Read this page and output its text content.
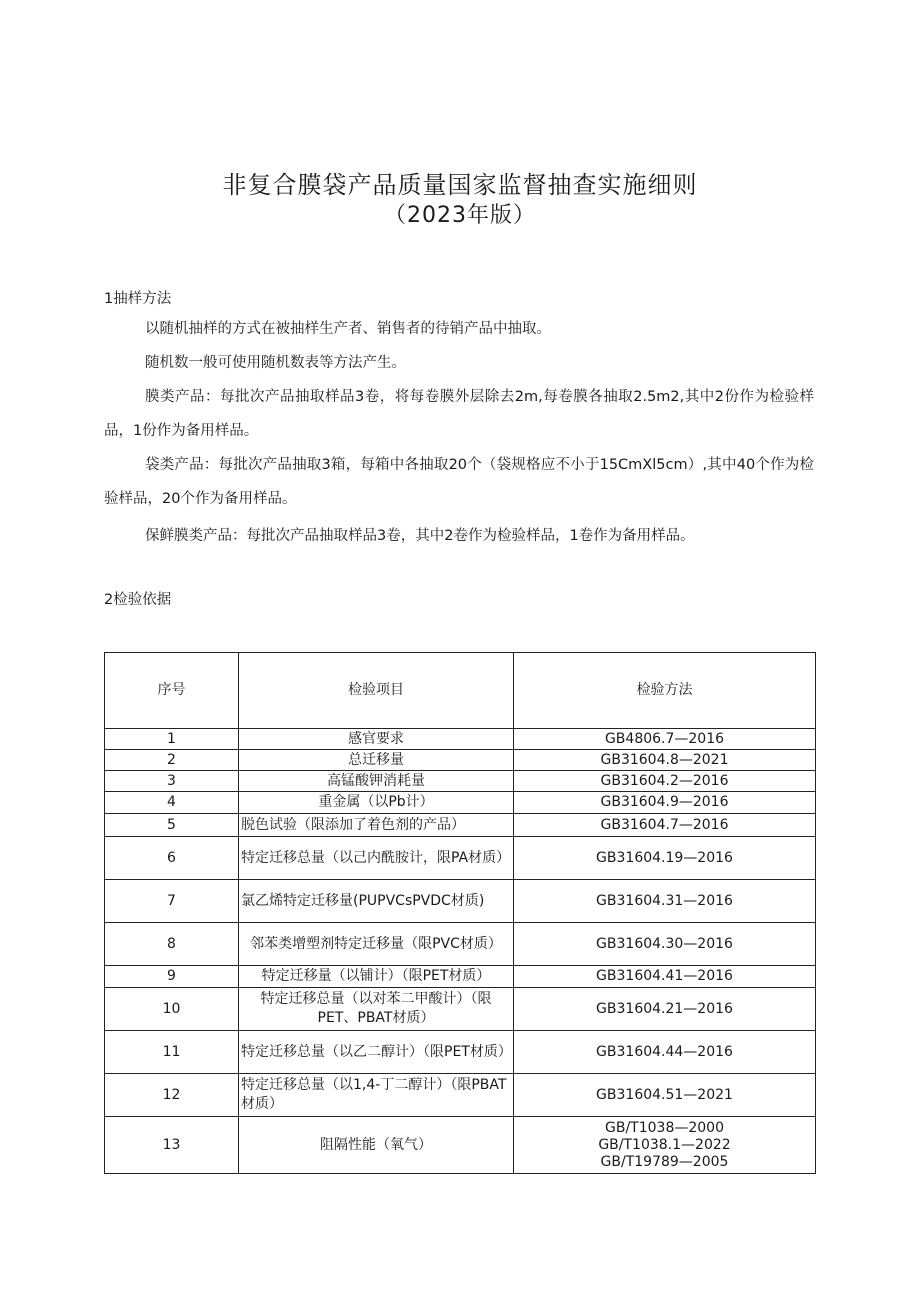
非复合膜袋产品质量国家监督抽查实施细则
（2023年版）
1抽样方法
以随机抽样的方式在被抽样生产者、销售者的待销产品中抽取。
随机数一般可使用随机数表等方法产生。
膜类产品：每批次产品抽取样品3卷，将每卷膜外层除去2m,每卷膜各抽取2.5m2,其中2份作为检验样品，1份作为备用样品。
袋类产品：每批次产品抽取3箱，每箱中各抽取20个（袋规格应不小于15CmXl5cm）,其中40个作为检验样品，20个作为备用样品。
保鲜膜类产品：每批次产品抽取样品3卷，其中2卷作为检验样品，1卷作为备用样品。
2检验依据
序号	检验项目	检验方法
1	感官要求	GB4806.7—2016
2	总迁移量	GB31604.8—2021
3	高锰酸钾消耗量	GB31604.2—2016
4	重金属（以Pb计）	GB31604.9—2016
5	脱色试验（限添加了着色剂的产品）	GB31604.7—2016
6	特定迁移总量（以己内酰胺计，限PA材质）	GB31604.19—2016
7	氯乙烯特定迁移量(PUPVCsPVDC材质)	GB31604.31—2016
8	邻苯类增塑剂特定迁移量（限PVC材质）	GB31604.30—2016
9	特定迁移量（以铺计）（限PET材质）	GB31604.41—2016
10	特定迁移总量（以对苯二甲酸计）（限PET、PBAT材质）	GB31604.21—2016
11	特定迁移总量（以乙二醇计）（限PET材质）	GB31604.44—2016
12	特定迁移总量（以1,4-丁二醇计）（限PBAT材质）	GB31604.51—2021
13	阻隔性能（氧气）	GB/T1038—2000
GB/T1038.1—2022
GB/T19789—2005
